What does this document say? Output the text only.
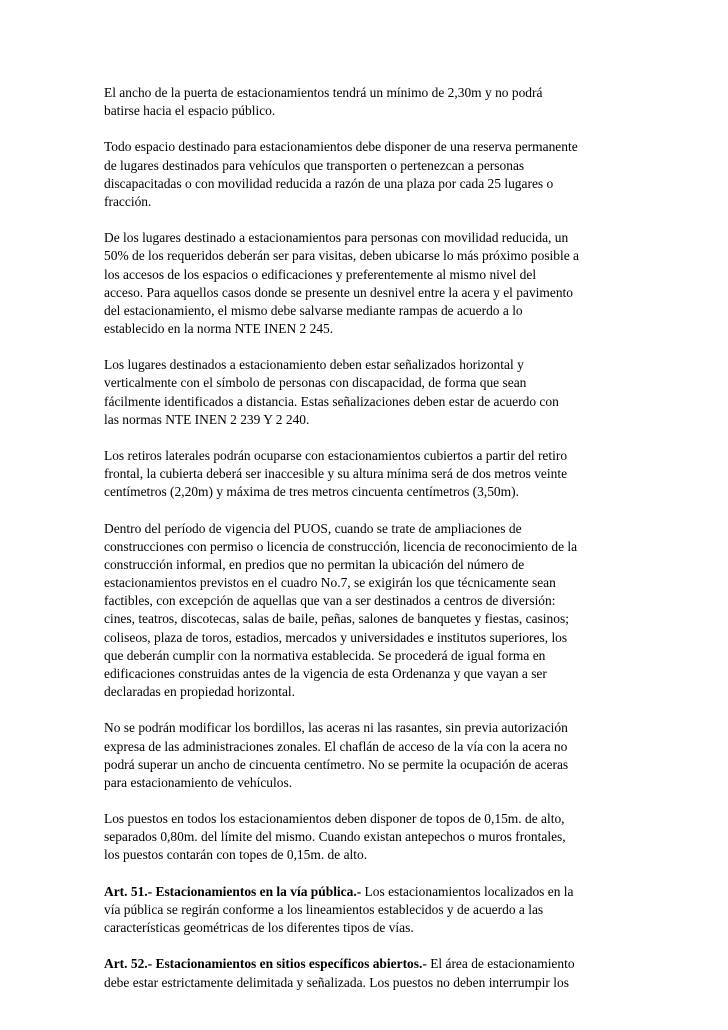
El ancho de la puerta de estacionamientos tendrá un mínimo de 2,30m y no podrá
batirse hacia el espacio público.

Todo espacio destinado para estacionamientos debe disponer de una reserva permanente
de lugares destinados para vehículos que transporten o pertenezcan a personas
discapacitadas o con movilidad reducida a razón de una plaza por cada 25 lugares o
fracción.

De los lugares destinado a estacionamientos para personas con movilidad reducida, un
50% de los requeridos deberán ser para visitas, deben ubicarse lo más próximo posible a
los accesos de los espacios o edificaciones y preferentemente al mismo nivel del
acceso. Para aquellos casos donde se presente un desnivel entre la acera y el pavimento
del estacionamiento, el mismo debe salvarse mediante rampas de acuerdo a lo
establecido en la norma NTE INEN 2 245.

Los lugares destinados a estacionamiento deben estar señalizados horizontal y
verticalmente con el símbolo de personas con discapacidad, de forma que sean
fácilmente identificados a distancia. Estas señalizaciones deben estar de acuerdo con
las normas NTE INEN 2 239 Y 2 240.

Los retiros laterales podrán ocuparse con estacionamientos cubiertos a partir del retiro
frontal, la cubierta deberá ser inaccesible y su altura mínima será de dos metros veinte
centímetros (2,20m) y máxima de tres metros cincuenta centímetros (3,50m).

Dentro del período de vigencia del PUOS, cuando se trate de ampliaciones de
construcciones con permiso o licencia de construcción, licencia de reconocimiento de la
construcción informal, en predios que no permitan la ubicación del número de
estacionamientos previstos en el cuadro No.7, se exigirán los que técnicamente sean
factibles, con excepción de aquellas que van a ser destinados a centros de diversión:
cines, teatros, discotecas, salas de baile, peñas, salones de banquetes y fiestas, casinos;
coliseos, plaza de toros, estadios, mercados y universidades e institutos superiores, los
que deberán cumplir con la normativa establecida. Se procederá de igual forma en
edificaciones construidas antes de la vigencia de esta Ordenanza y que vayan a ser
declaradas en propiedad horizontal.

No se podrán modificar los bordillos, las aceras ni las rasantes, sin previa autorización
expresa de las administraciones zonales. El chaflán de acceso de la vía con la acera no
podrá superar un ancho de cincuenta centímetro. No se permite la ocupación de aceras
para estacionamiento de vehículos.

Los puestos en todos los estacionamientos deben disponer de topos de 0,15m. de alto,
separados 0,80m. del límite del mismo. Cuando existan antepechos o muros frontales,
los puestos contarán con topes de 0,15m. de alto.

Art. 51.- Estacionamientos en la vía pública.- Los estacionamientos localizados en la
vía pública se regirán conforme a los lineamientos establecidos y de acuerdo a las
características geométricas de los diferentes tipos de vías.

Art. 52.- Estacionamientos en sitios específicos abiertos.- El área de estacionamiento
debe estar estrictamente delimitada y señalizada. Los puestos no deben interrumpir los
